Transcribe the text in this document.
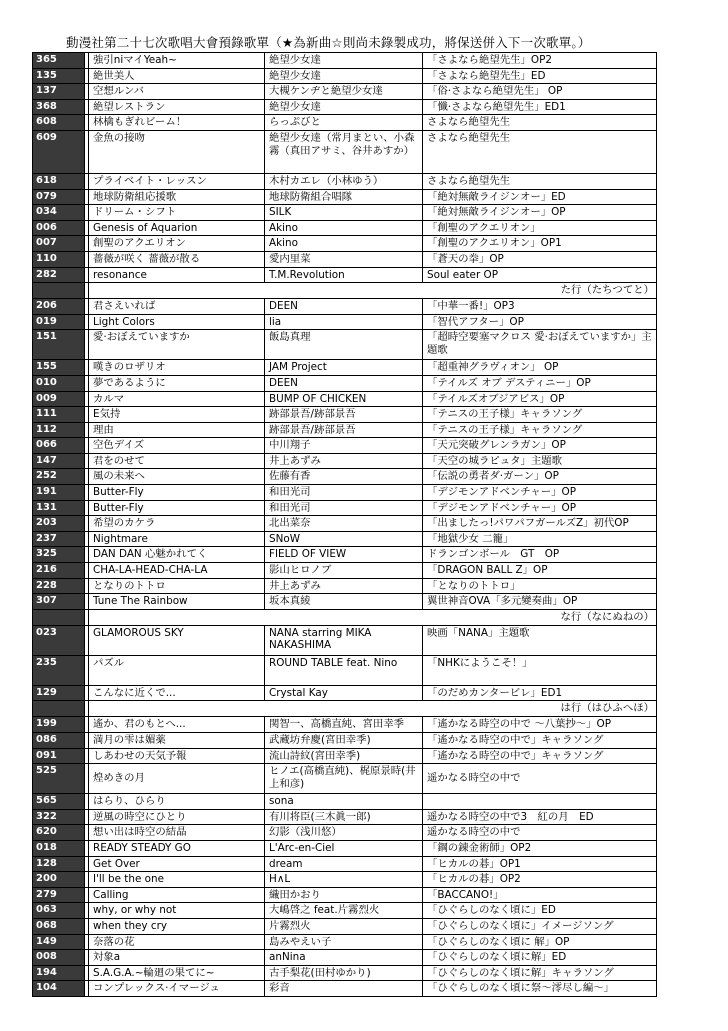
動漫社第二十七次歌唱大會預錄歌單（★為新曲☆則尚未錄製成功，將保送併入下一次歌單。）
365		強引niマイYeah~	絶望少女達	「さよなら絶望先生」OP2
135		絶世美人	絶望少女達	「さよなら絶望先生」ED
137		空想ルンバ	大槻ケンヂと絶望少女達	「俗·さよなら絶望先生」 OP
368		絶望レストラン	絶望少女達	「懺·さよなら絶望先生」ED1
608		林檎もぎれビーム！	らっぷびと	さよなら絶望先生
609		金魚の接吻	絶望少女達（常月まとい、小森霧（真田アサミ、谷井あすか）	さよなら絶望先生
618		プライベイト・レッスン	木村カエレ（小林ゆう）	さよなら絶望先生
079		地球防衛組応援歌	地球防衛組合唱隊	「絶対無敵ライジンオー」ED
034		ドリーム・シフト	SILK	「絶対無敵ライジンオー」OP
006		Genesis of Aquarion	Akino	「創聖のアクエリオン」
007		創聖のアクエリオン	Akino	「創聖のアクエリオン」OP1
110		薔薇が咲く 薔薇が散る	愛内里菜	「蒼天の拳」OP
282		resonance	T.M.Revolution	Soul eater OP
		た行（たちつてと）		
206		君さえいれば	DEEN	「中華一番!」OP3
019		Light Colors	lia	「智代アフター」OP
151		愛·おぼえていますか	飯島真理	「超時空要塞マクロス 愛·おぼえていますか」主題歌
155		嘆きのロザリオ	JAM Project	「超重神グラヴィオン」 OP
010		夢であるように	DEEN	「テイルズ オブ デスティニー」OP
009		カルマ	BUMP OF CHICKEN	「テイルズオブジアビス」OP
111		E気持	跡部景吾/跡部景吾	「テニスの王子様」キャラソング
112		理由	跡部景吾/跡部景吾	「テニスの王子様」キャラソング
066		空色デイズ	中川翔子	「天元突破グレンラガン」OP
147		君をのせて	井上あずみ	「天空の城ラピュタ」主題歌
252		風の未来へ	佐藤有香	「伝説の勇者ダ·ガーン」OP
191		Butter-Fly	和田光司	「デジモンアドベンチャー」OP
131		Butter-Fly	和田光司	「デジモンアドベンチャー」OP
203		希望のカケラ	北出菜奈	「出ましたっ!パワパフガールズZ」初代OP
237		Nightmare	SNoW	「地獄少女 二籠」
325		DAN DAN 心魅かれてく	FIELD OF VIEW	ドランゴンボール　GT　OP
216		CHA-LA-HEAD-CHA-LA	影山ヒロノブ	「DRAGON BALL Z」OP
228		となりのトトロ	井上あずみ	「となりのトトロ」
307		Tune The Rainbow	坂本真綾	翼世神音OVA「多元變奏曲」OP
		な行（なにぬねの）		
023		GLAMOROUS SKY	NANA starring MIKA NAKASHIMA	映画「NANA」主題歌
235		パズル	ROUND TABLE feat. Nino	「NHKにようこそ！」
129		こんなに近くで...	Crystal Kay	「のだめカンタービレ」ED1
		は行（はひふへほ）		
199		遙か、君のもとへ...	関智一、高橋直純、宮田幸季	「遙かなる時空の中で ～八葉抄～」OP
086		満月の雫は媚薬	武蔵坊弁慶(宮田幸季)	「遙かなる時空の中で」キャラソング
091		しあわせの天気予報	流山詩紋(宮田幸季)	「遙かなる時空の中で」キャラソング
525		煌めきの月	ヒノエ(高橋直純)、梶原景時(井上和彦)	遥かなる時空の中で
565		はらり、ひらり	sona	
322		逆風の時空にひとり	有川将臣(三木眞一郎)	遥かなる時空の中で3　紅の月　ED
620		想い出は時空の結晶	幻影（浅川悠）	遥かなる時空の中で
018		READY STEADY GO	L'Arc-en-Ciel	「鋼の錬金術師」OP2
128		Get Over	dream	「ヒカルの碁」OP1
200		I'll be the one	H∧L	「ヒカルの碁」OP2
279		Calling	織田かおり	「BACCANO!」
063		why, or why not	大嶋啓之 feat.片霧烈火	「ひぐらしのなく頃に」ED
068		when they cry	片霧烈火	「ひぐらしのなく頃に」イメージソング
149		奈落の花	島みやえい子	「ひぐらしのなく頃に 解」OP
008		対象a	anNina	「ひぐらしのなく頃に解」ED
194		S.A.G.A.~輪廻の果てに~	古手梨花(田村ゆかり)	「ひぐらしのなく頃に解」キャラソング
104		コンプレックス·イマージュ	彩音	「ひぐらしのなく頃に祭～澪尽し編～」
